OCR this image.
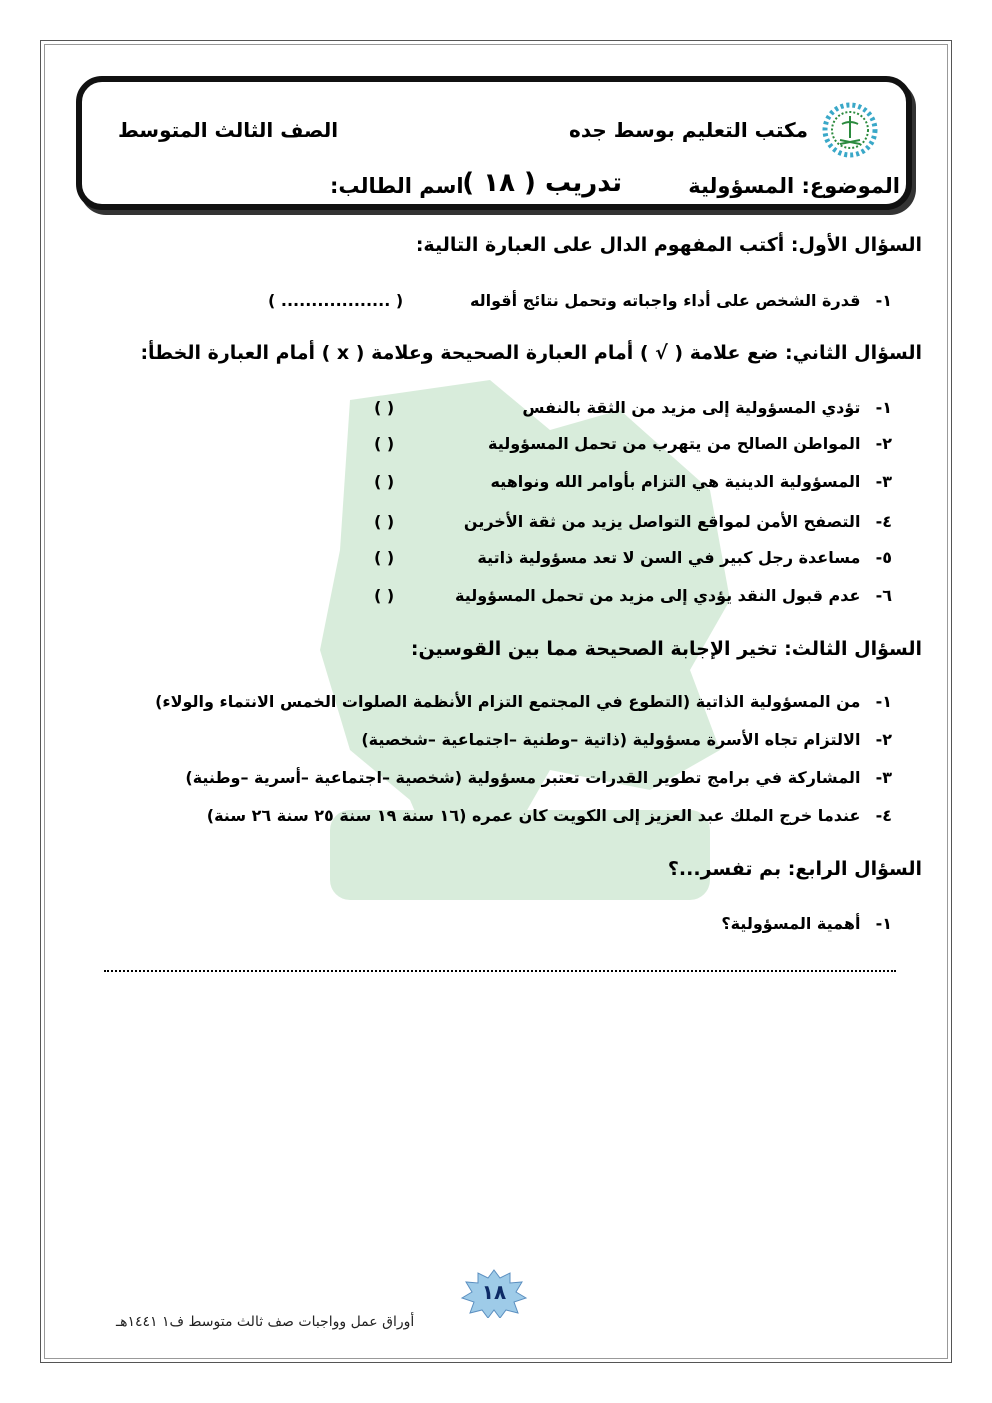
مكتب التعليم بوسط جده
الصف الثالث المتوسط
الموضوع: المسؤولية
تدريب ( ١٨ )
اسم الطالب:
السؤال الأول: أكتب المفهوم الدال على العبارة التالية:
١- قدرة الشخص على أداء واجباته وتحمل نتائج أقواله
( .................. )
السؤال الثاني: ضع علامة ( √ ) أمام العبارة الصحيحة وعلامة ( x ) أمام العبارة الخطأ:
١- تؤدي المسؤولية إلى مزيد من الثقة بالنفس
( )
٢- المواطن الصالح من يتهرب من تحمل المسؤولية
( )
٣- المسؤولية الدينية هي التزام بأوامر الله ونواهيه
( )
٤- التصفح الأمن لمواقع التواصل يزيد من ثقة الأخرين
( )
٥- مساعدة رجل كبير في السن لا تعد مسؤولية ذاتية
( )
٦- عدم قبول النقد يؤدي إلى مزيد من تحمل المسؤولية
( )
السؤال الثالث: تخير الإجابة الصحيحة مما بين القوسين:
١- من المسؤولية الذاتية (التطوع في المجتمع التزام الأنظمة الصلوات الخمس الانتماء والولاء)
٢- الالتزام تجاه الأسرة مسؤولية (ذاتية –وطنية –اجتماعية –شخصية)
٣- المشاركة في برامج تطوير القدرات تعتبر مسؤولية (شخصية –اجتماعية –أسرية –وطنية)
٤- عندما خرج الملك عبد العزيز إلى الكويت كان عمره (١٦ سنة ١٩ سنة ٢٥ سنة ٢٦ سنة)
السؤال الرابع: بم تفسر...؟
١- أهمية المسؤولية؟
١٨
أوراق عمل وواجبات صف ثالث متوسط ف١ ١٤٤١هـ
